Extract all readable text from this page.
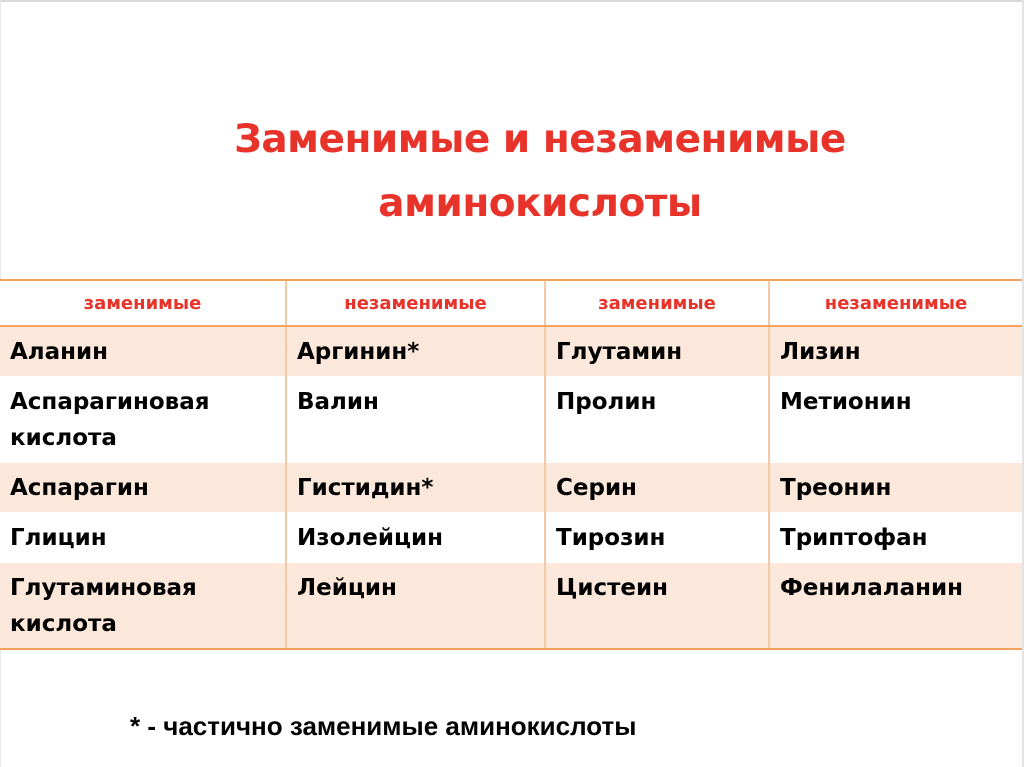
Заменимые и незаменимые
аминокислоты
заменимые	незаменимые	заменимые	незаменимые
Аланин	Аргинин*	Глутамин	Лизин
Аспарагиновая кислота	Валин	Пролин	Метионин
Аспарагин	Гистидин*	Серин	Треонин
Глицин	Изолейцин	Тирозин	Триптофан
Глутаминовая кислота	Лейцин	Цистеин	Фенилаланин
* - частично заменимые аминокислоты
